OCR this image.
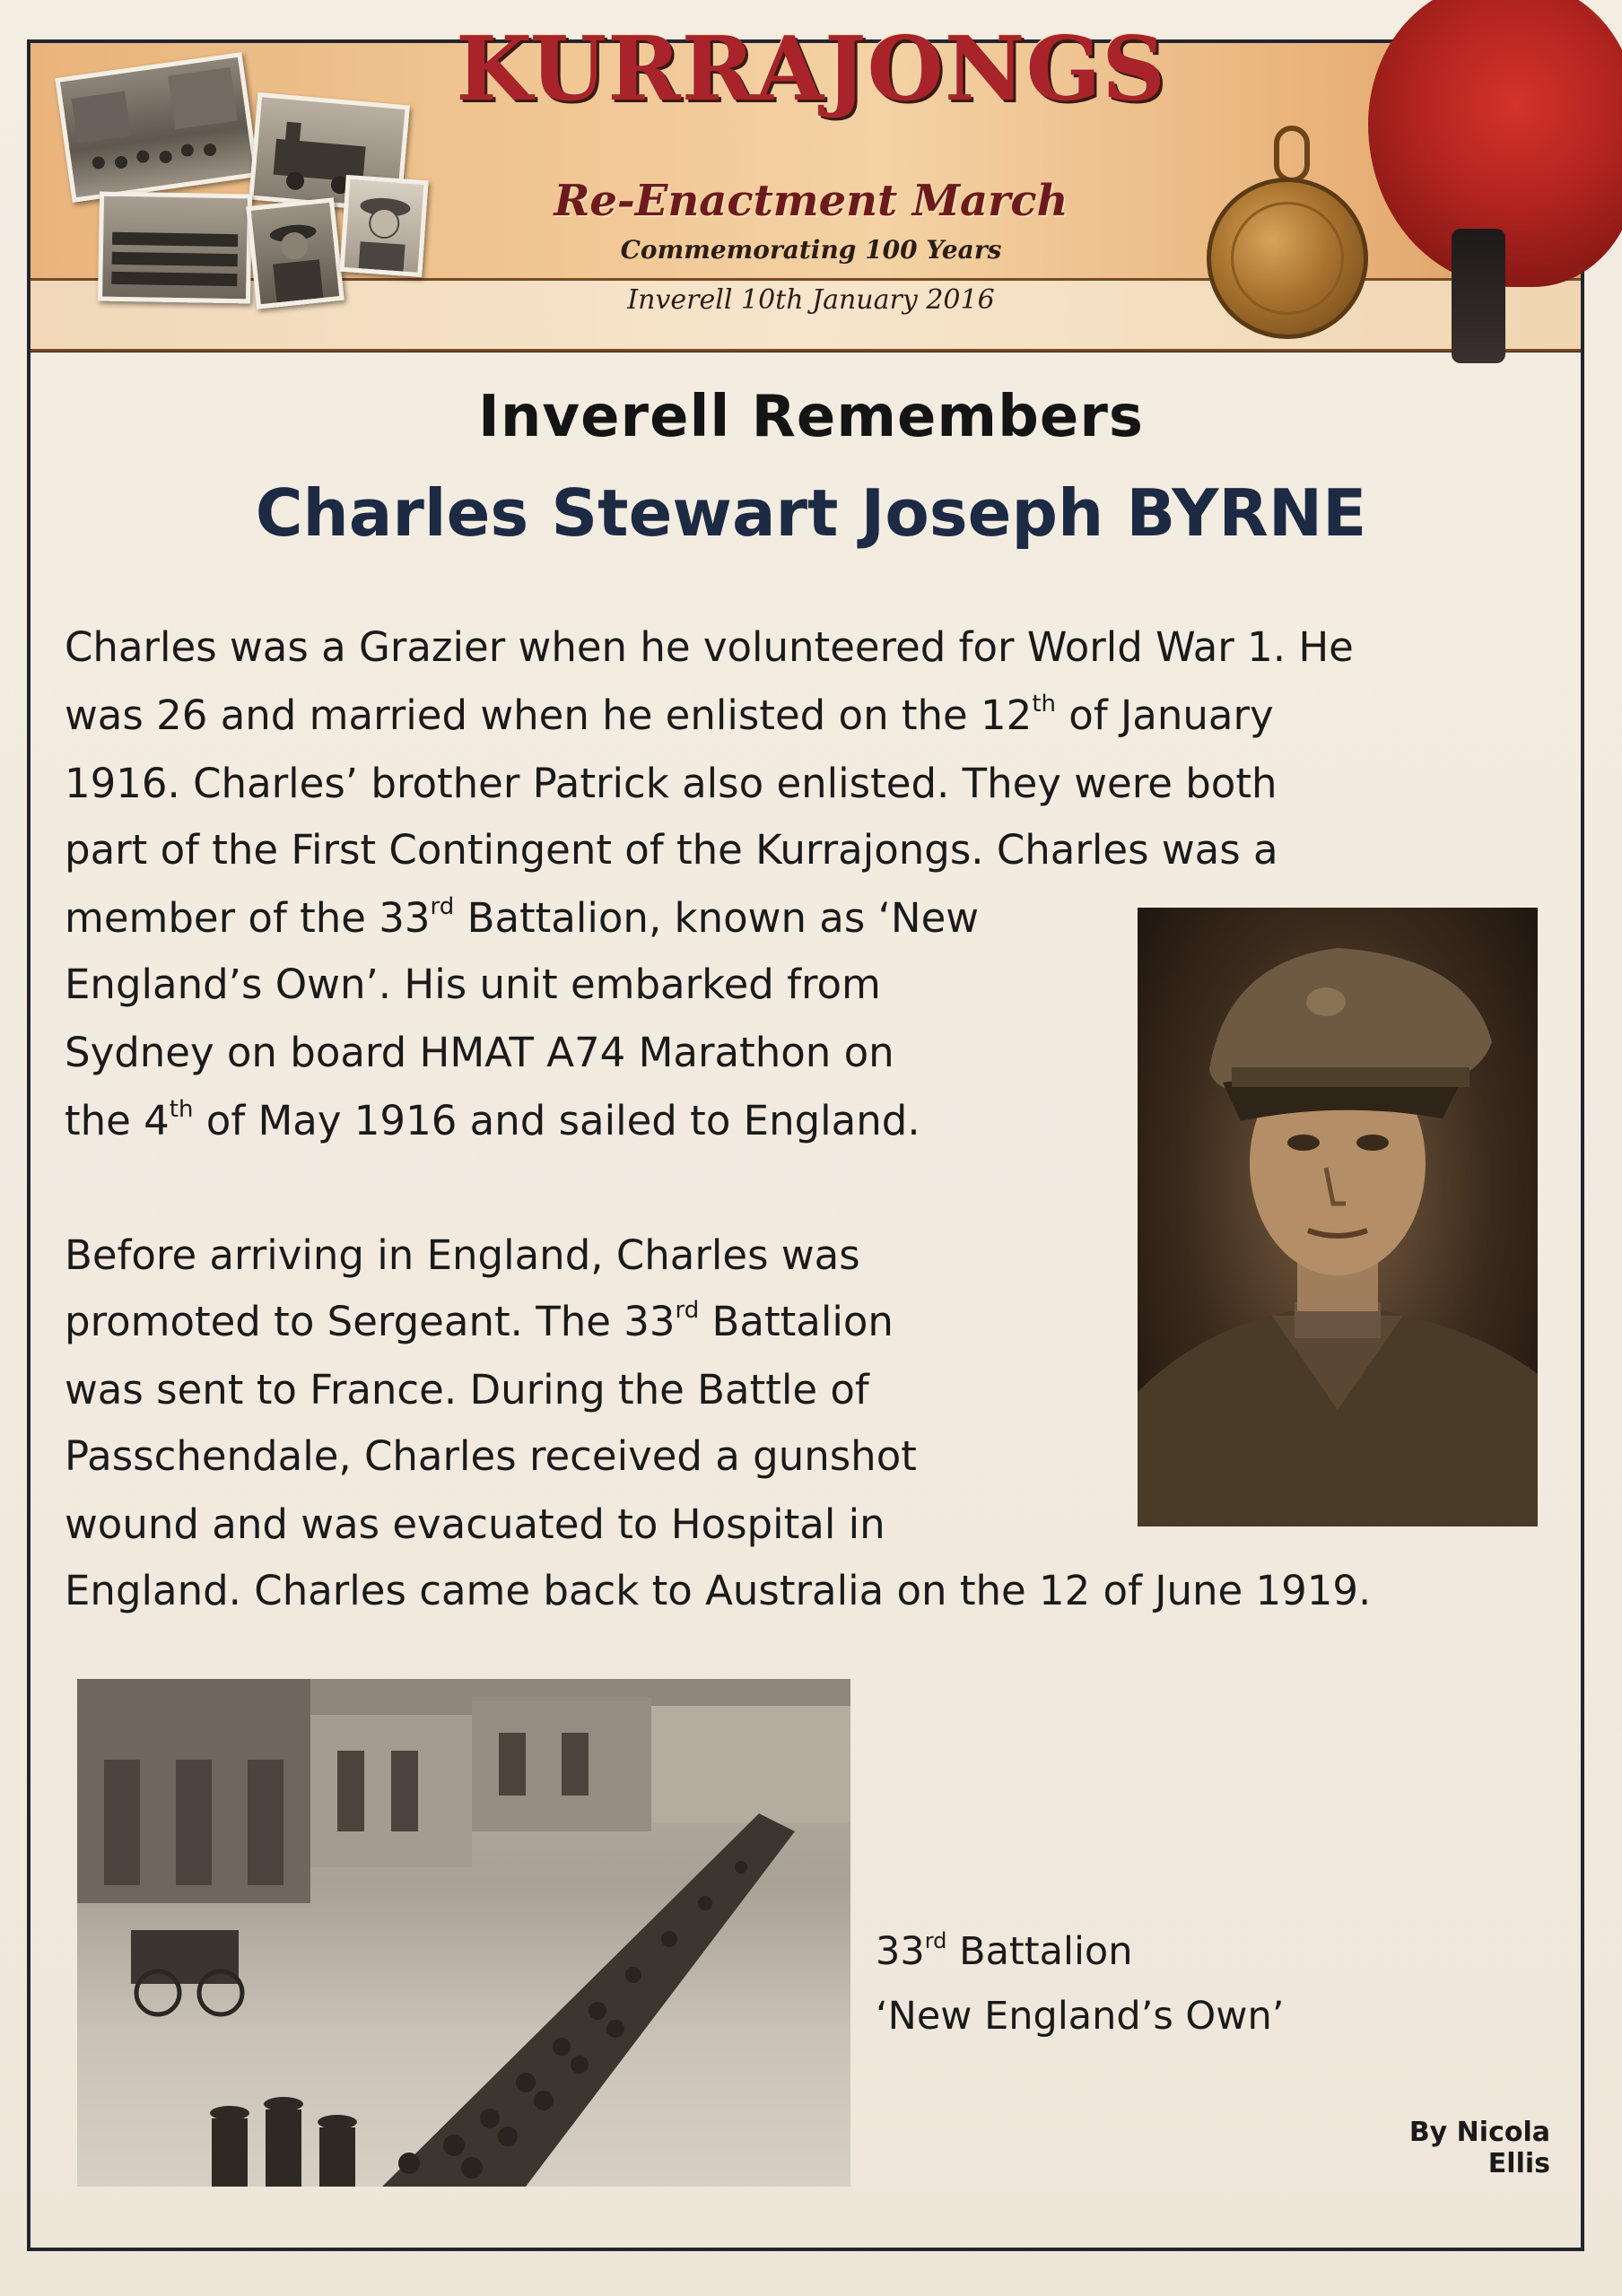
KURRAJONGS
Re-Enactment March
Commemorating 100 Years
Inverell 10th January 2016
Inverell Remembers
Charles Stewart Joseph BYRNE
Charles was a Grazier when he volunteered for World War 1. He
was 26 and married when he enlisted on the 12th of January
1916. Charles’ brother Patrick also enlisted. They were both
part of the First Contingent of the Kurrajongs. Charles was a
member of the 33rd Battalion, known as ‘New
England’s Own’. His unit embarked from
Sydney on board HMAT A74 Marathon on
the 4th of May 1916 and sailed to England.
Before arriving in England, Charles was
promoted to Sergeant. The 33rd Battalion
was sent to France. During the Battle of
Passchendale, Charles received a gunshot
wound and was evacuated to Hospital in
England. Charles came back to Australia on the 12 of June 1919.
33rd Battalion
‘New England’s Own’
By Nicola Ellis
